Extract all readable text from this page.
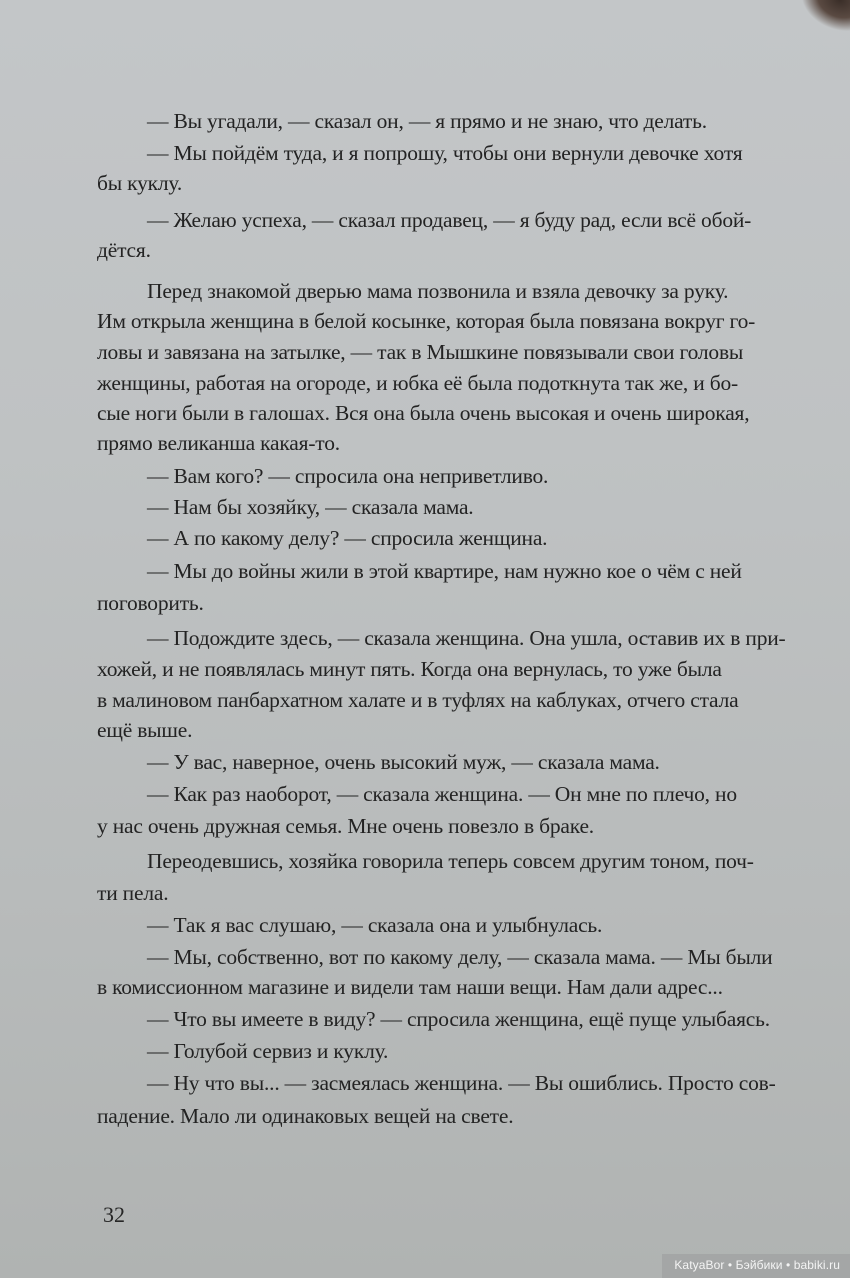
— Вы угадали, — сказал он, — я прямо и не знаю, что делать.
— Мы пойдём туда, и я попрошу, чтобы они вернули девочке хотя
бы куклу.
— Желаю успеха, — сказал продавец, — я буду рад, если всё обой-
дётся.
Перед знакомой дверью мама позвонила и взяла девочку за руку.
Им открыла женщина в белой косынке, которая была повязана вокруг го-
ловы и завязана на затылке, — так в Мышкине повязывали свои головы
женщины, работая на огороде, и юбка её была подоткнута так же, и бо-
сые ноги были в галошах. Вся она была очень высокая и очень широкая,
прямо великанша какая-то.
— Вам кого? — спросила она неприветливо.
— Нам бы хозяйку, — сказала мама.
— А по какому делу? — спросила женщина.
— Мы до войны жили в этой квартире, нам нужно кое о чём с ней
поговорить.
— Подождите здесь, — сказала женщина. Она ушла, оставив их в при-
хожей, и не появлялась минут пять. Когда она вернулась, то уже была
в малиновом панбархатном халате и в туфлях на каблуках, отчего стала
ещё выше.
— У вас, наверное, очень высокий муж, — сказала мама.
— Как раз наоборот, — сказала женщина. — Он мне по плечо, но
у нас очень дружная семья. Мне очень повезло в браке.
Переодевшись, хозяйка говорила теперь совсем другим тоном, поч-
ти пела.
— Так я вас слушаю, — сказала она и улыбнулась.
— Мы, собственно, вот по какому делу, — сказала мама. — Мы были
в комиссионном магазине и видели там наши вещи. Нам дали адрес...
— Что вы имеете в виду? — спросила женщина, ещё пуще улыбаясь.
— Голубой сервиз и куклу.
— Ну что вы... — засмеялась женщина. — Вы ошиблись. Просто сов-
падение. Мало ли одинаковых вещей на свете.
32
KatyaBor • Бэйбики • babiki.ru
